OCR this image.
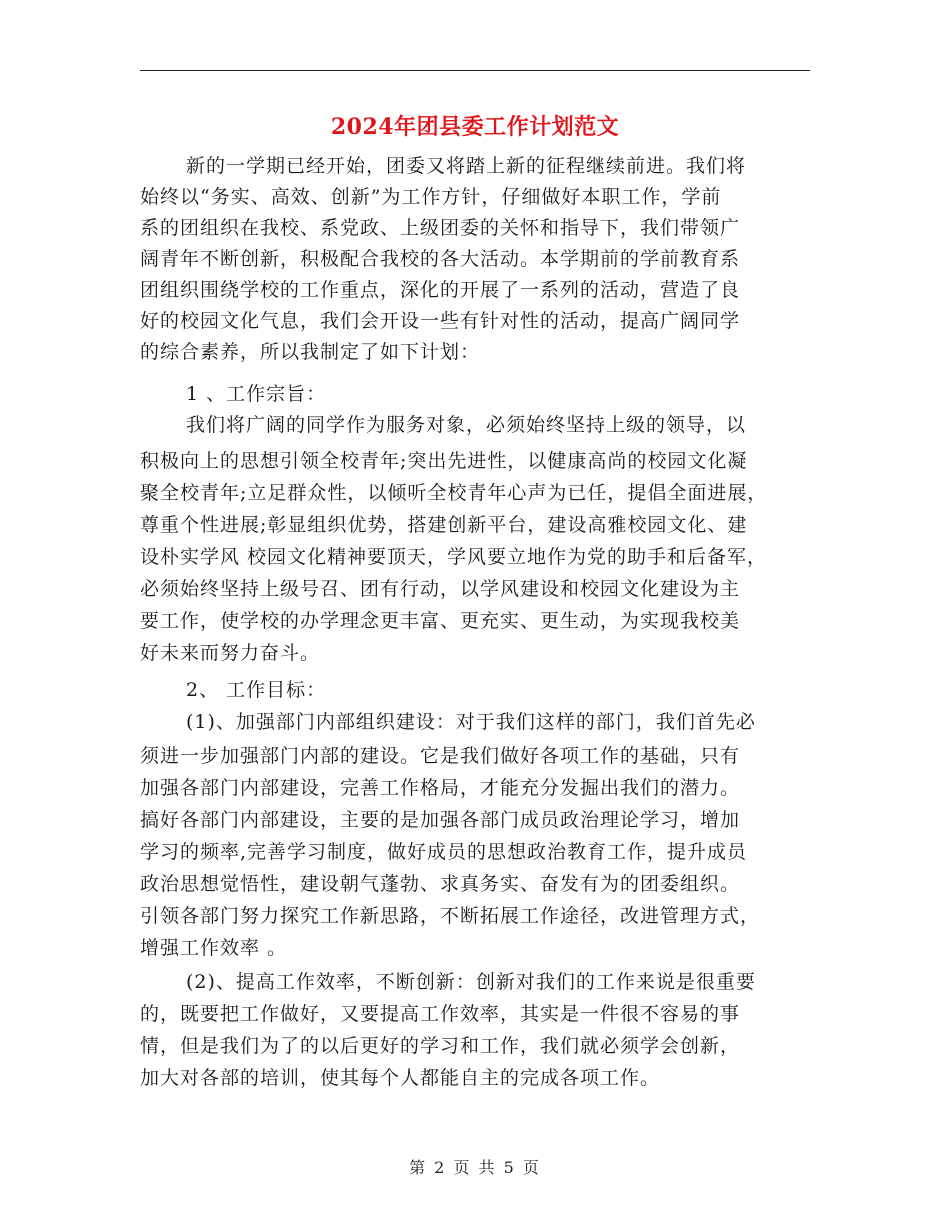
2024年团县委工作计划范文
新的一学期已经开始，团委又将踏上新的征程继续前进。我们将
始终以“务实、高效、创新”为工作方针，仔细做好本职工作，学前
系的团组织在我校、系党政、上级团委的关怀和指导下，我们带领广
阔青年不断创新，积极配合我校的各大活动。本学期前的学前教育系
团组织围绕学校的工作重点，深化的开展了一系列的活动，营造了良
好的校园文化气息，我们会开设一些有针对性的活动，提高广阔同学
的综合素养，所以我制定了如下计划：
1 、工作宗旨：
我们将广阔的同学作为服务对象，必须始终坚持上级的领导，以
积极向上的思想引领全校青年;突出先进性，以健康高尚的校园文化凝
聚全校青年;立足群众性，以倾听全校青年心声为已任，提倡全面进展，
尊重个性进展;彰显组织优势，搭建创新平台，建设高雅校园文化、建
设朴实学风 校园文化精神要顶天，学风要立地作为党的助手和后备军，
必须始终坚持上级号召、团有行动，以学风建设和校园文化建设为主
要工作，使学校的办学理念更丰富、更充实、更生动，为实现我校美
好未来而努力奋斗。
2、 工作目标：
(1)、加强部门内部组织建设：对于我们这样的部门，我们首先必
须进一步加强部门内部的建设。它是我们做好各项工作的基础，只有
加强各部门内部建设，完善工作格局，才能充分发掘出我们的潜力。
搞好各部门内部建设，主要的是加强各部门成员政治理论学习，增加
学习的频率,完善学习制度，做好成员的思想政治教育工作，提升成员
政治思想觉悟性，建设朝气蓬勃、求真务实、奋发有为的团委组织。
引领各部门努力探究工作新思路，不断拓展工作途径，改进管理方式，
增强工作效率 。
(2)、提高工作效率，不断创新：创新对我们的工作来说是很重要
的，既要把工作做好，又要提高工作效率，其实是一件很不容易的事
情，但是我们为了的以后更好的学习和工作，我们就必须学会创新，
加大对各部的培训，使其每个人都能自主的完成各项工作。
第 2 页 共 5 页
